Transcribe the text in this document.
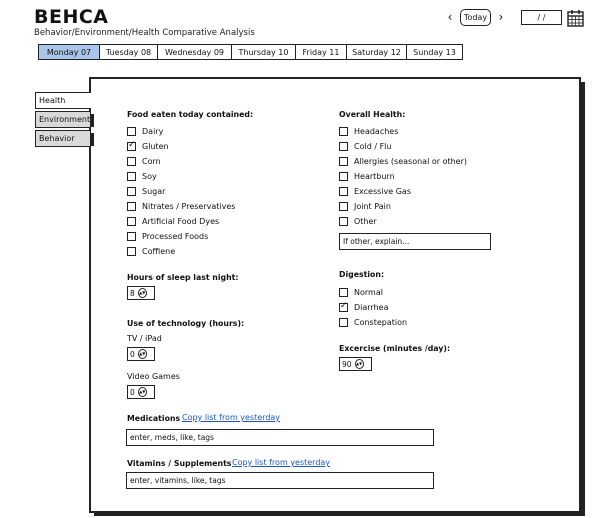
BEHCA
Behavior/Environment/Health Comparative Analysis
‹	Today ›	/ /
Monday 07	Tuesday 08	Wednesday 09	Thursday 10	Friday 11	Saturday 12	Sunday 13
Health
Environment
Behavior
Food eaten today contained:
Dairy
✓
Gluten
Corn
Soy
Sugar
Nitrates / Preservatives
Artificial Food Dyes
Processed Foods
Coffiene
Overall Health:
Headaches
Cold / Flu
Allergies (seasonal or other)
Heartburn
Excessive Gas
Joint Pain
Other
If other, explain...
Hours of sleep last night:
8	▲▼
Digestion:
Normal
✓
Diarrhea
Constepation
Use of technology (hours):
TV / iPad
0	▲▼
Video Games
0	▲▼
Excercise (minutes /day):
90	▲▼
Medications Copy list from yesterday
enter, meds, like, tags
Vitamins / Supplements Copy list from yesterday
enter, vitamins, like, tags
